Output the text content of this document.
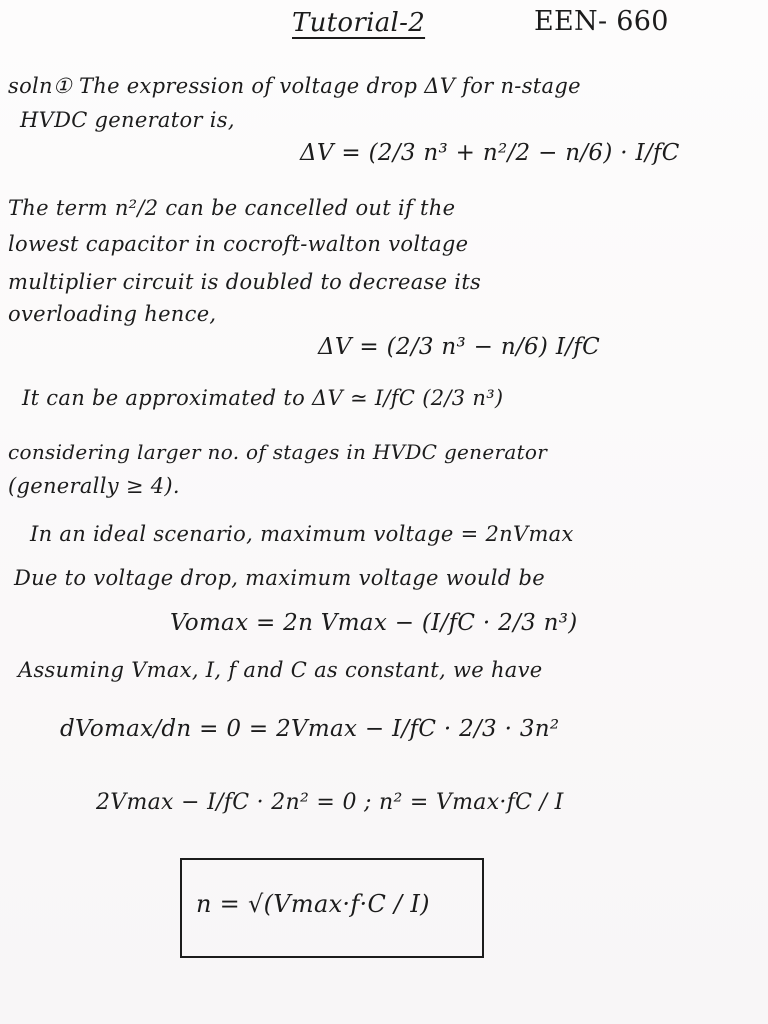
Tutorial-2	EEN- 660
soln① The expression of voltage drop ΔV for n-stage
HVDC generator is,
ΔV = (2/3 n³ + n²/2 − n/6) · I/fC
The term n²/2 can be cancelled out if the
lowest capacitor in cocroft-walton voltage
multiplier circuit is doubled to decrease its
overloading hence,
ΔV = (2/3 n³ − n/6) I/fC
It can be approximated to ΔV ≃ I/fC (2/3 n³)
considering larger no. of stages in HVDC generator
(generally ≥ 4).
In an ideal scenario, maximum voltage = 2nVmax
Due to voltage drop, maximum voltage would be
Vomax = 2n Vmax − (I/fC · 2/3 n³)
Assuming Vmax, I, f and C as constant, we have
dVomax/dn = 0 = 2Vmax − I/fC · 2/3 · 3n²
2Vmax − I/fC · 2n² = 0 ; n² = Vmax·fC / I
n = √(Vmax·f·C / I)
